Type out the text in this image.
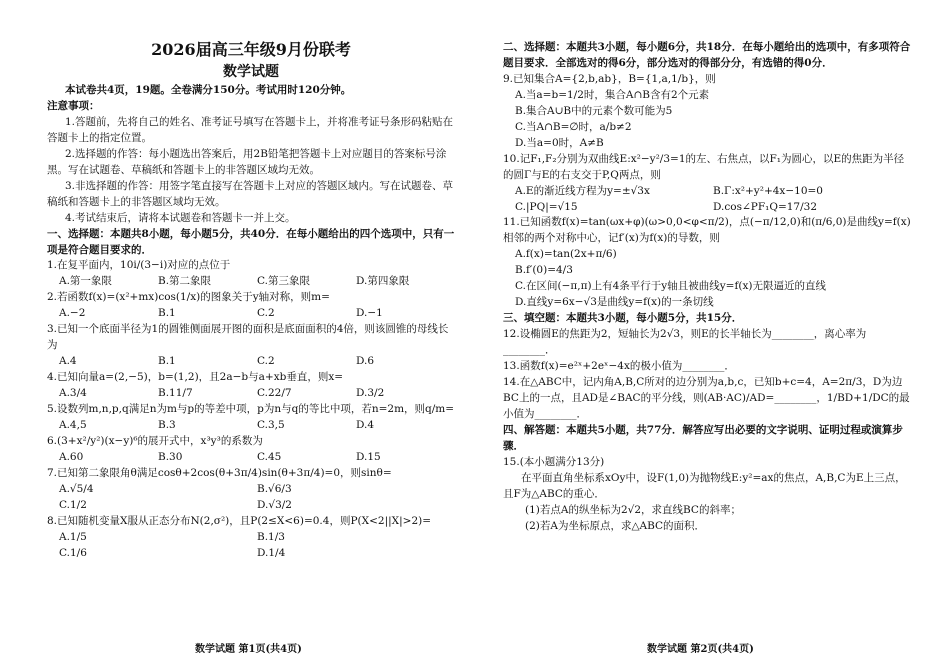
2026届高三年级9月份联考
数学试题
本试卷共4页，19题。全卷满分150分。考试用时120分钟。
注意事项：
1.答题前，先将自己的姓名、准考证号填写在答题卡上，并将准考证号条形码粘贴在答题卡上的指定位置。
2.选择题的作答：每小题选出答案后，用2B铅笔把答题卡上对应题目的答案标号涂黑。写在试题卷、草稿纸和答题卡上的非答题区域均无效。
3.非选择题的作答：用签字笔直接写在答题卡上对应的答题区域内。写在试题卷、草稿纸和答题卡上的非答题区域均无效。
4.考试结束后，请将本试题卷和答题卡一并上交。
一、选择题：本题共8小题，每小题5分，共40分．在每小题给出的四个选项中，只有一项是符合题目要求的．
1.在复平面内，10i/(3−i)对应的点位于
A.第一象限	B.第二象限	C.第三象限	D.第四象限
2.若函数f(x)=(x²+mx)cos(1/x)的图象关于y轴对称，则m=
A.−2	B.1	C.2	D.−1
3.已知一个底面半径为1的圆锥侧面展开图的面积是底面面积的4倍，则该圆锥的母线长为
A.4	B.1	C.2	D.6
4.已知向量a=(2,−5)，b=(1,2)，且2a−b与a+xb垂直，则x=
A.3/4	B.11/7	C.22/7	D.3/2
5.设数列m,n,p,q满足n为m与p的等差中项，p为n与q的等比中项，若n=2m，则q/m=
A.4,5	B.3	C.3,5	D.4
6.(3+x²/y²)(x−y)⁶的展开式中，x³y³的系数为
A.60	B.30	C.45	D.15
7.已知第二象限角θ满足cosθ+2cos(θ+3π/4)sin(θ+3π/4)=0，则sinθ=
A.√5/4	B.√6/3
C.1/2	D.√3/2
8.已知随机变量X服从正态分布N(2,σ²)，且P(2≤X<6)=0.4，则P(X<2||X|>2)=
A.1/5	B.1/3
C.1/6	D.1/4
二、选择题：本题共3小题，每小题6分，共18分．在每小题给出的选项中，有多项符合题目要求．全部选对的得6分，部分选对的得部分分，有选错的得0分．
9.已知集合A={2,b,ab}，B={1,a,1/b}，则
A.当a=b=1/2时，集合A∩B含有2个元素
B.集合A∪B中的元素个数可能为5
C.当A∩B=∅时，a/b≠2
D.当a=0时，A≠B
10.记F₁,F₂分别为双曲线E:x²−y²/3=1的左、右焦点，以F₁为圆心，以E的焦距为半径的圆Γ与E的右支交于P,Q两点，则
A.E的渐近线方程为y=±√3x	B.Γ:x²+y²+4x−10=0
C.|PQ|=√15	D.cos∠PF₁Q=17/32
11.已知函数f(x)=tan(ωx+φ)(ω>0,0<φ<π/2)，点(−π/12,0)和(π/6,0)是曲线y=f(x)相邻的两个对称中心，记f′(x)为f(x)的导数，则
A.f(x)=tan(2x+π/6)
B.f′(0)=4/3
C.在区间(−π,π)上有4条平行于y轴且被曲线y=f(x)无限逼近的直线
D.直线y=6x−√3是曲线y=f(x)的一条切线
三、填空题：本题共3小题，每小题5分，共15分．
12.设椭圆E的焦距为2，短轴长为2√3，则E的长半轴长为________，离心率为________．
13.函数f(x)=e²ˣ+2eˣ−4x的极小值为________．
14.在△ABC中，记内角A,B,C所对的边分别为a,b,c，已知b+c=4，A=2π/3，D为边BC上的一点，且AD是∠BAC的平分线，则(AB·AC)/AD=________，1/BD+1/DC的最小值为________．
四、解答题：本题共5小题，共77分．解答应写出必要的文字说明、证明过程或演算步骤．
15.(本小题满分13分)
在平面直角坐标系xOy中，设F(1,0)为抛物线E:y²=ax的焦点，A,B,C为E上三点，且F为△ABC的重心．
(1)若点A的纵坐标为2√2，求直线BC的斜率；
(2)若A为坐标原点，求△ABC的面积．
数学试题 第1页(共4页)	数学试题 第2页(共4页)
